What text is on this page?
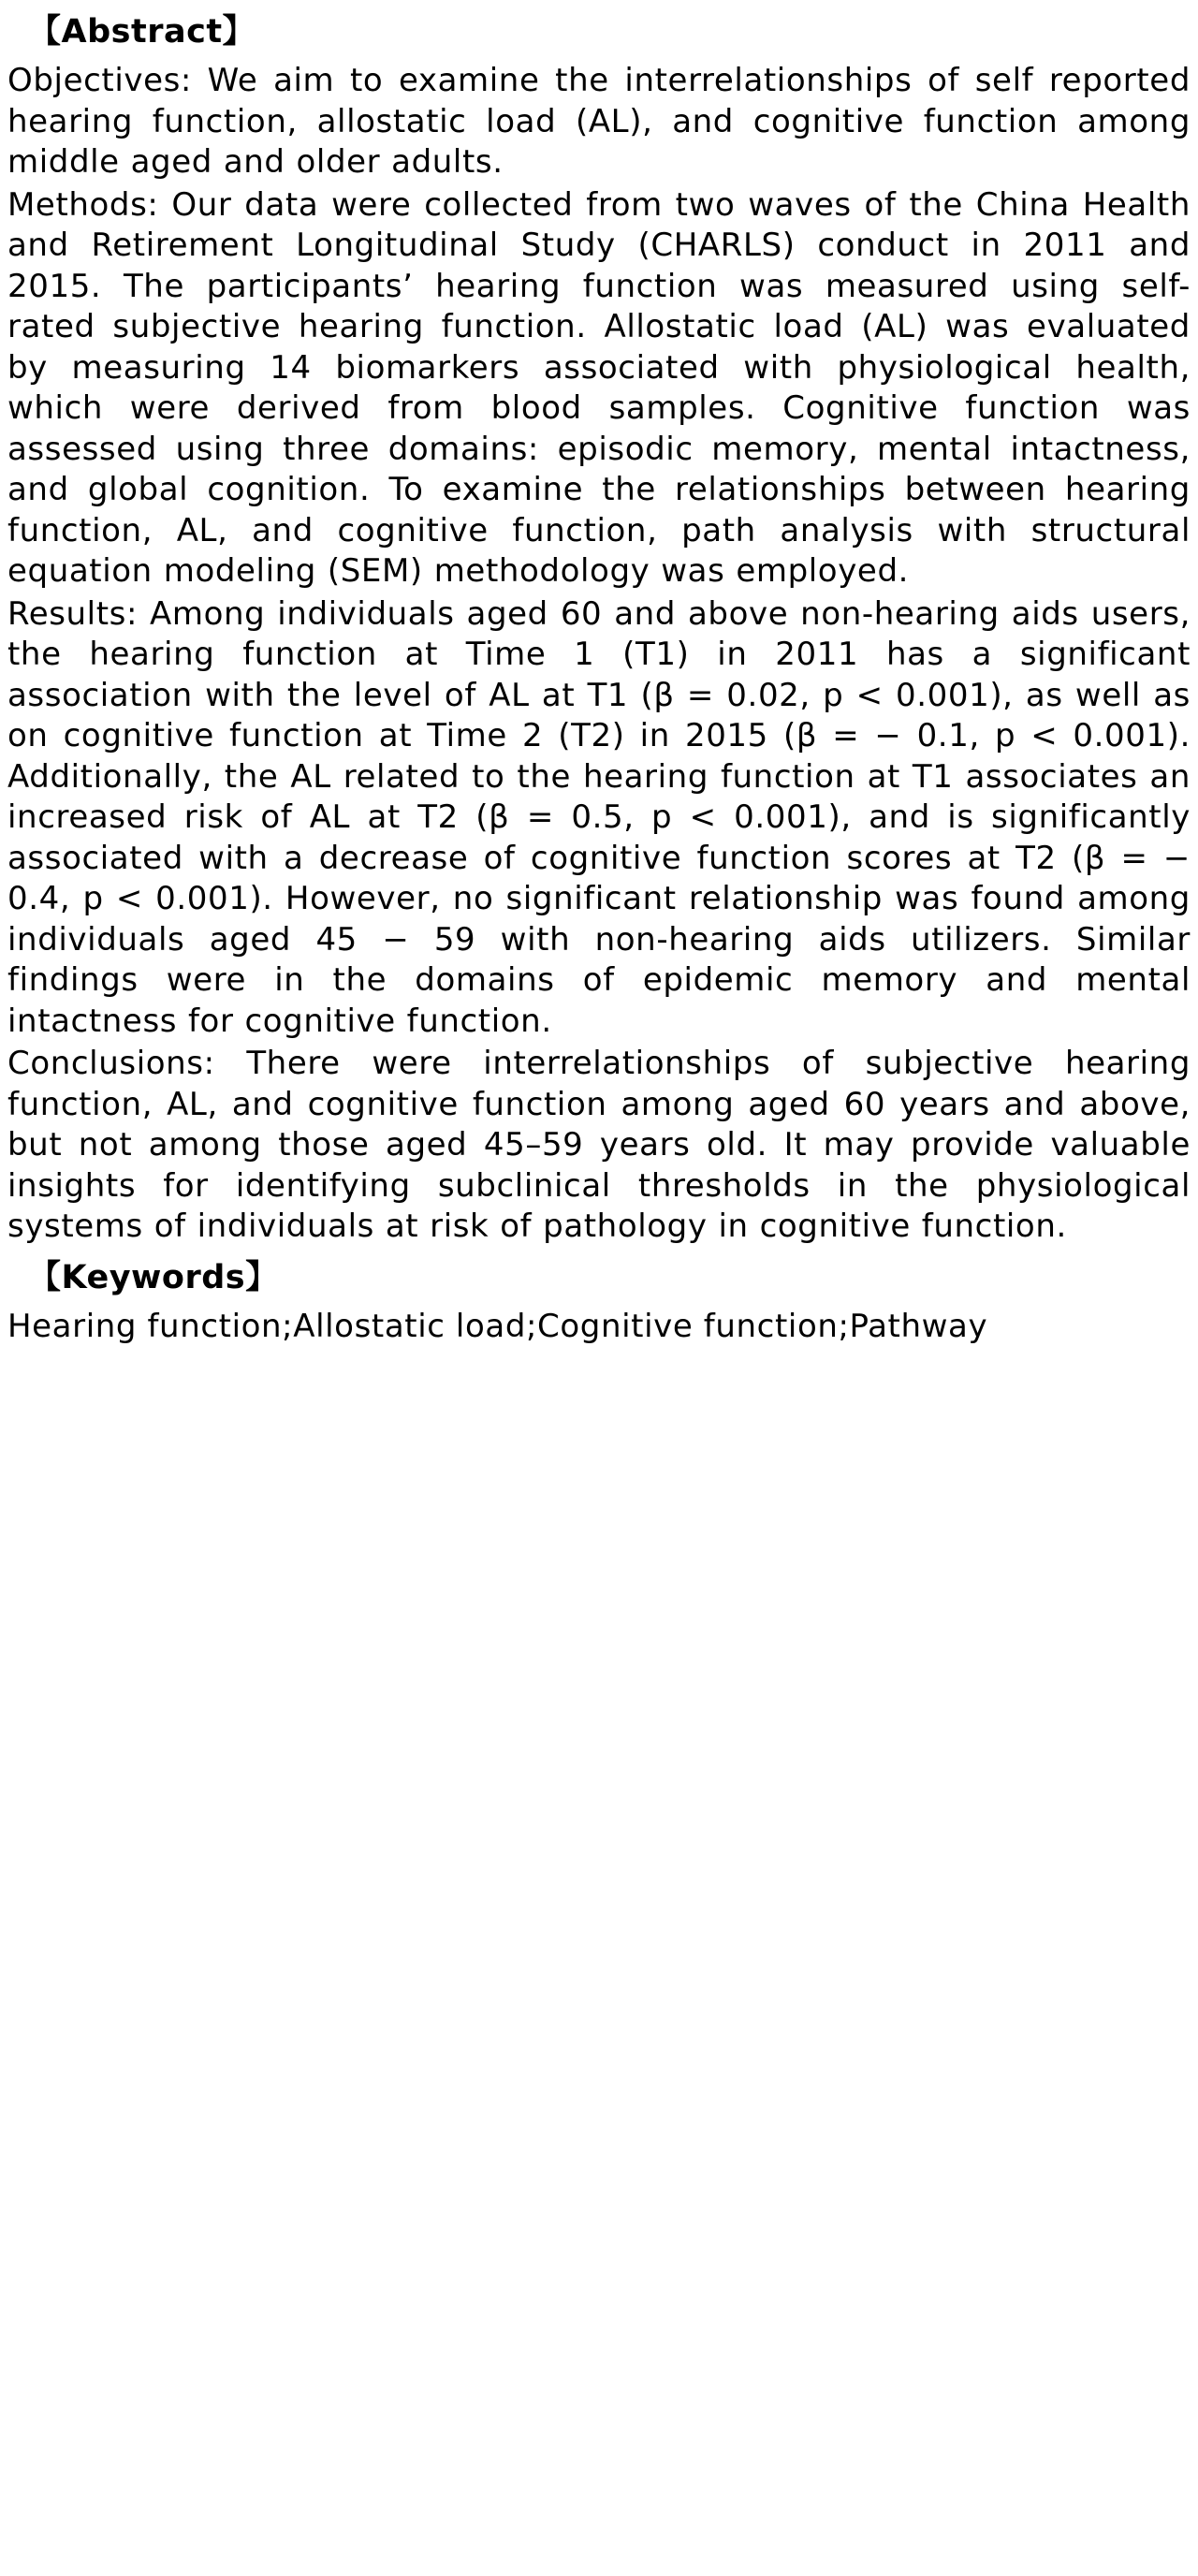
【Abstract】

Objectives: We aim to examine the interrelationships of self reported hearing function, allostatic load (AL), and cognitive function among middle aged and older adults.

Methods: Our data were collected from two waves of the China Health and Retirement Longitudinal Study (CHARLS) conduct in 2011 and 2015. The participants’ hearing function was measured using self-rated subjective hearing function. Allostatic load (AL) was evaluated by measuring 14 biomarkers associated with physiological health, which were derived from blood samples. Cognitive function was assessed using three domains: episodic memory, mental intactness, and global cognition. To examine the relationships between hearing function, AL, and cognitive function, path analysis with structural equation modeling (SEM) methodology was employed.

Results: Among individuals aged 60 and above non-hearing aids users, the hearing function at Time 1 (T1) in 2011 has a significant association with the level of AL at T1 (β = 0.02, p < 0.001), as well as on cognitive function at Time 2 (T2) in 2015 (β = − 0.1, p < 0.001). Additionally, the AL related to the hearing function at T1 associates an increased risk of AL at T2 (β = 0.5, p < 0.001), and is significantly associated with a decrease of cognitive function scores at T2 (β = − 0.4, p < 0.001). However, no significant relationship was found among individuals aged 45 − 59 with non-hearing aids utilizers. Similar findings were in the domains of epidemic memory and mental intactness for cognitive function.

Conclusions: There were interrelationships of subjective hearing function, AL, and cognitive function among aged 60 years and above, but not among those aged 45–59 years old. It may provide valuable insights for identifying subclinical thresholds in the physiological systems of individuals at risk of pathology in cognitive function.

【Keywords】

Hearing function;Allostatic load;Cognitive function;Pathway
